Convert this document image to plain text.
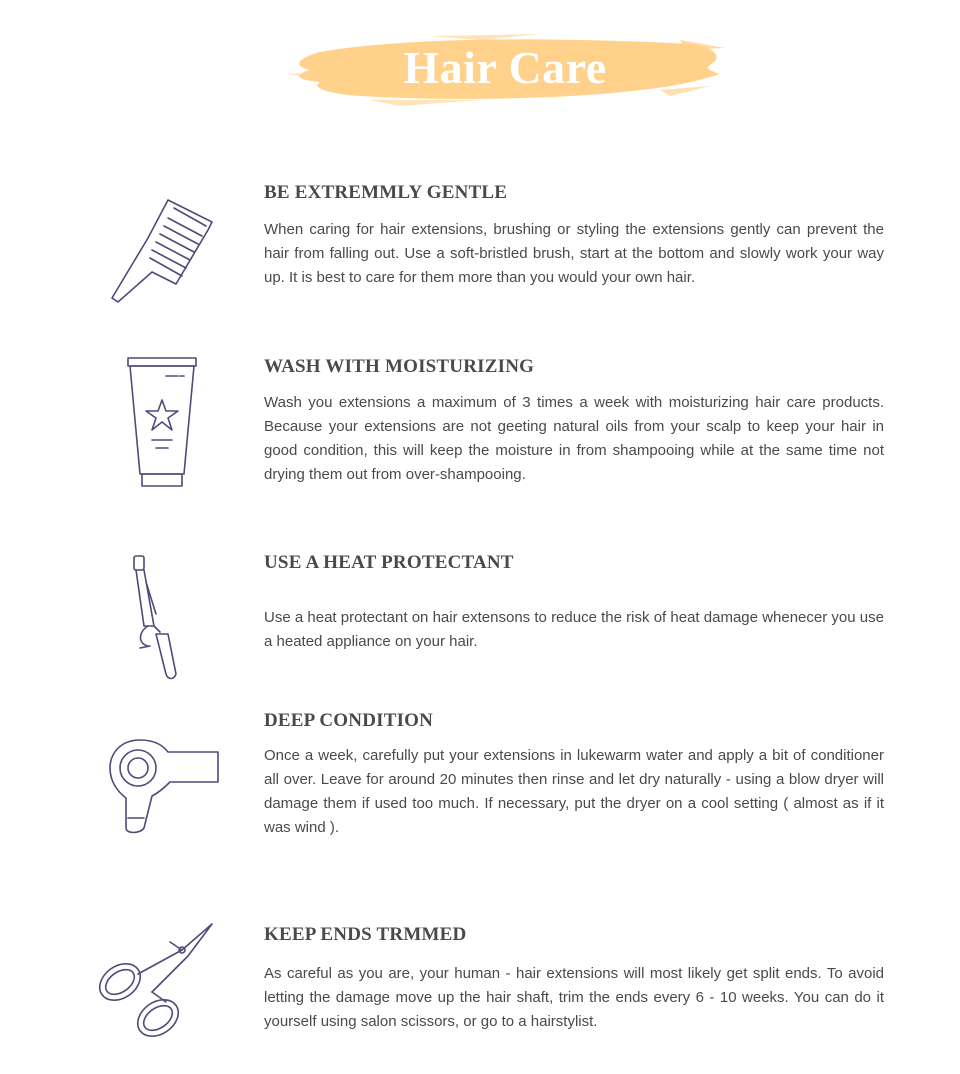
Hair Care
BE EXTREMMLY GENTLE
When caring for hair extensions, brushing or styling the extensions gently can prevent the hair from falling out. Use a soft-bristled brush, start at the bottom and slowly work your way up. It is best to care for them more than you would your own hair.
WASH WITH MOISTURIZING
Wash you extensions a maximum of 3 times a week with moisturizing hair care products. Because your extensions are not geeting natural oils from your scalp to keep your hair in good condition, this will keep the moisture in from shampooing while at the same time not drying them out from over-shampooing.
USE A HEAT PROTECTANT
Use a heat protectant on hair extensons to reduce the risk of heat damage whenecer you use a heated appliance on your hair.
DEEP CONDITION
Once a week, carefully put your extensions in lukewarm water and apply a bit of conditioner all over. Leave for around 20 minutes then rinse and let dry naturally - using a blow dryer will damage them if used too much. If necessary, put the dryer on a cool setting ( almost as if it was wind ).
KEEP ENDS TRMMED
As careful as you are, your human - hair extensions will most likely get split ends. To avoid letting the damage move up the hair shaft, trim the ends every 6 - 10 weeks. You can do it yourself using salon scissors, or go to a hairstylist.
